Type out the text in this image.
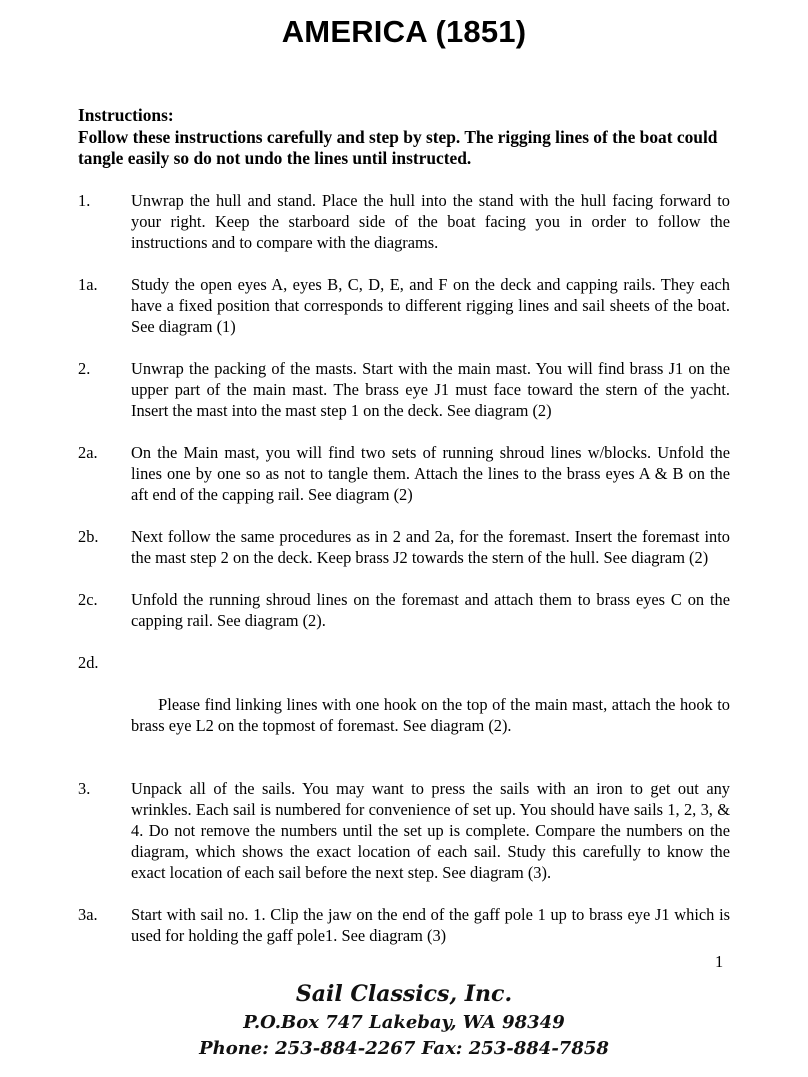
AMERICA (1851)
Instructions:
Follow these instructions carefully and step by step. The rigging lines of the boat could tangle easily so do not undo the lines until instructed.
1. Unwrap the hull and stand. Place the hull into the stand with the hull facing forward to your right. Keep the starboard side of the boat facing you in order to follow the instructions and to compare with the diagrams.
1a. Study the open eyes A, eyes B, C, D, E, and F on the deck and capping rails. They each have a fixed position that corresponds to different rigging lines and sail sheets of the boat. See diagram (1)
2. Unwrap the packing of the masts. Start with the main mast. You will find brass J1 on the upper part of the main mast. The brass eye J1 must face toward the stern of the yacht. Insert the mast into the mast step 1 on the deck. See diagram (2)
2a. On the Main mast, you will find two sets of running shroud lines w/blocks. Unfold the lines one by one so as not to tangle them. Attach the lines to the brass eyes A & B on the aft end of the capping rail. See diagram (2)
2b. Next follow the same procedures as in 2 and 2a, for the foremast. Insert the foremast into the mast step 2 on the deck. Keep brass J2 towards the stern of the hull. See diagram (2)
2c. Unfold the running shroud lines on the foremast and attach them to brass eyes C on the capping rail. See diagram (2).

2d.

Please find linking lines with one hook on the top of the main mast, attach the hook to brass eye L2 on the topmost of foremast. See diagram (2).

3. Unpack all of the sails. You may want to press the sails with an iron to get out any wrinkles. Each sail is numbered for convenience of set up. You should have sails 1, 2, 3, & 4. Do not remove the numbers until the set up is complete. Compare the numbers on the diagram, which shows the exact location of each sail. Study this carefully to know the exact location of each sail before the next step. See diagram (3).
3a. Start with sail no. 1. Clip the jaw on the end of the gaff pole 1 up to brass eye J1 which is used for holding the gaff pole1. See diagram (3)
1
Sail Classics, Inc.
P.O.Box 747 Lakebay, WA 98349
Phone: 253-884-2267 Fax: 253-884-7858
